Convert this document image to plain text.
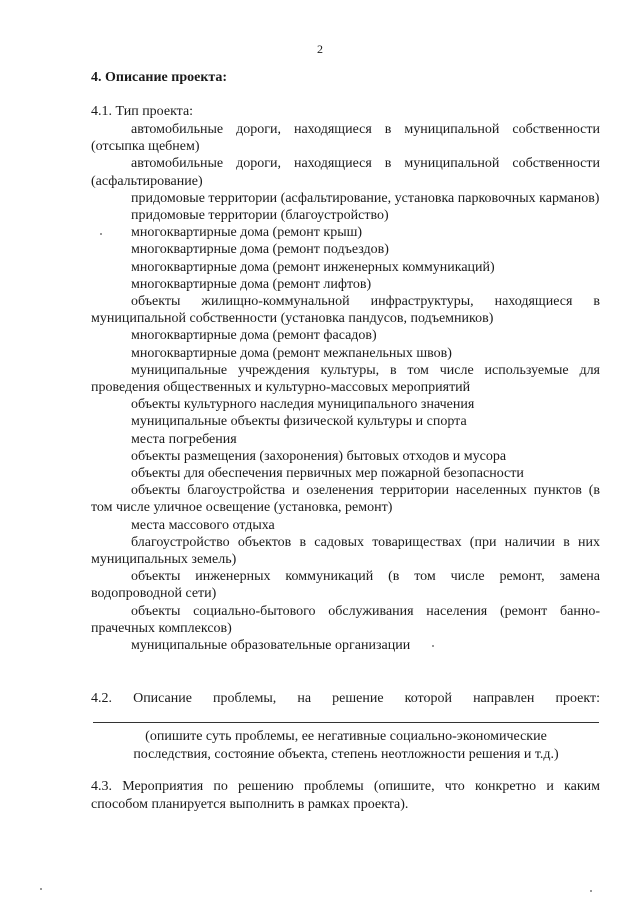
2
4. Описание проекта:
4.1. Тип проекта:

автомобильные дороги, находящиеся в муниципальной собственности (отсыпка щебнем)

автомобильные дороги, находящиеся в муниципальной собственности (асфальтирование)

придомовые территории (асфальтирование, установка парковочных карманов)

придомовые территории (благоустройство)

многоквартирные дома (ремонт крыш)

многоквартирные дома (ремонт подъездов)

многоквартирные дома (ремонт инженерных коммуникаций)

многоквартирные дома (ремонт лифтов)

объекты жилищно-коммунальной инфраструктуры, находящиеся в муниципальной собственности (установка пандусов, подъемников)

многоквартирные дома (ремонт фасадов)

многоквартирные дома (ремонт межпанельных швов)

муниципальные учреждения культуры, в том числе используемые для проведения общественных и культурно-массовых мероприятий

объекты культурного наследия муниципального значения

муниципальные объекты физической культуры и спорта

места погребения

объекты размещения (захоронения) бытовых отходов и мусора

объекты для обеспечения первичных мер пожарной безопасности

объекты благоустройства и озеленения территории населенных пунктов (в том числе уличное освещение (установка, ремонт)

места массового отдыха

благоустройство объектов в садовых товариществах (при наличии в них муниципальных земель)

объекты инженерных коммуникаций (в том числе ремонт, замена водопроводной сети)

объекты социально-бытового обслуживания населения (ремонт банно-прачечных комплексов)

муниципальные образовательные организации

4.2. Описание проблемы, на решение которой направлен проект:
(опишите суть проблемы, ее негативные социально-экономические
последствия, состояние объекта, степень неотложности решения и т.д.)
4.3. Мероприятия по решению проблемы (опишите, что конкретно и каким способом планируется выполнить в рамках проекта).
